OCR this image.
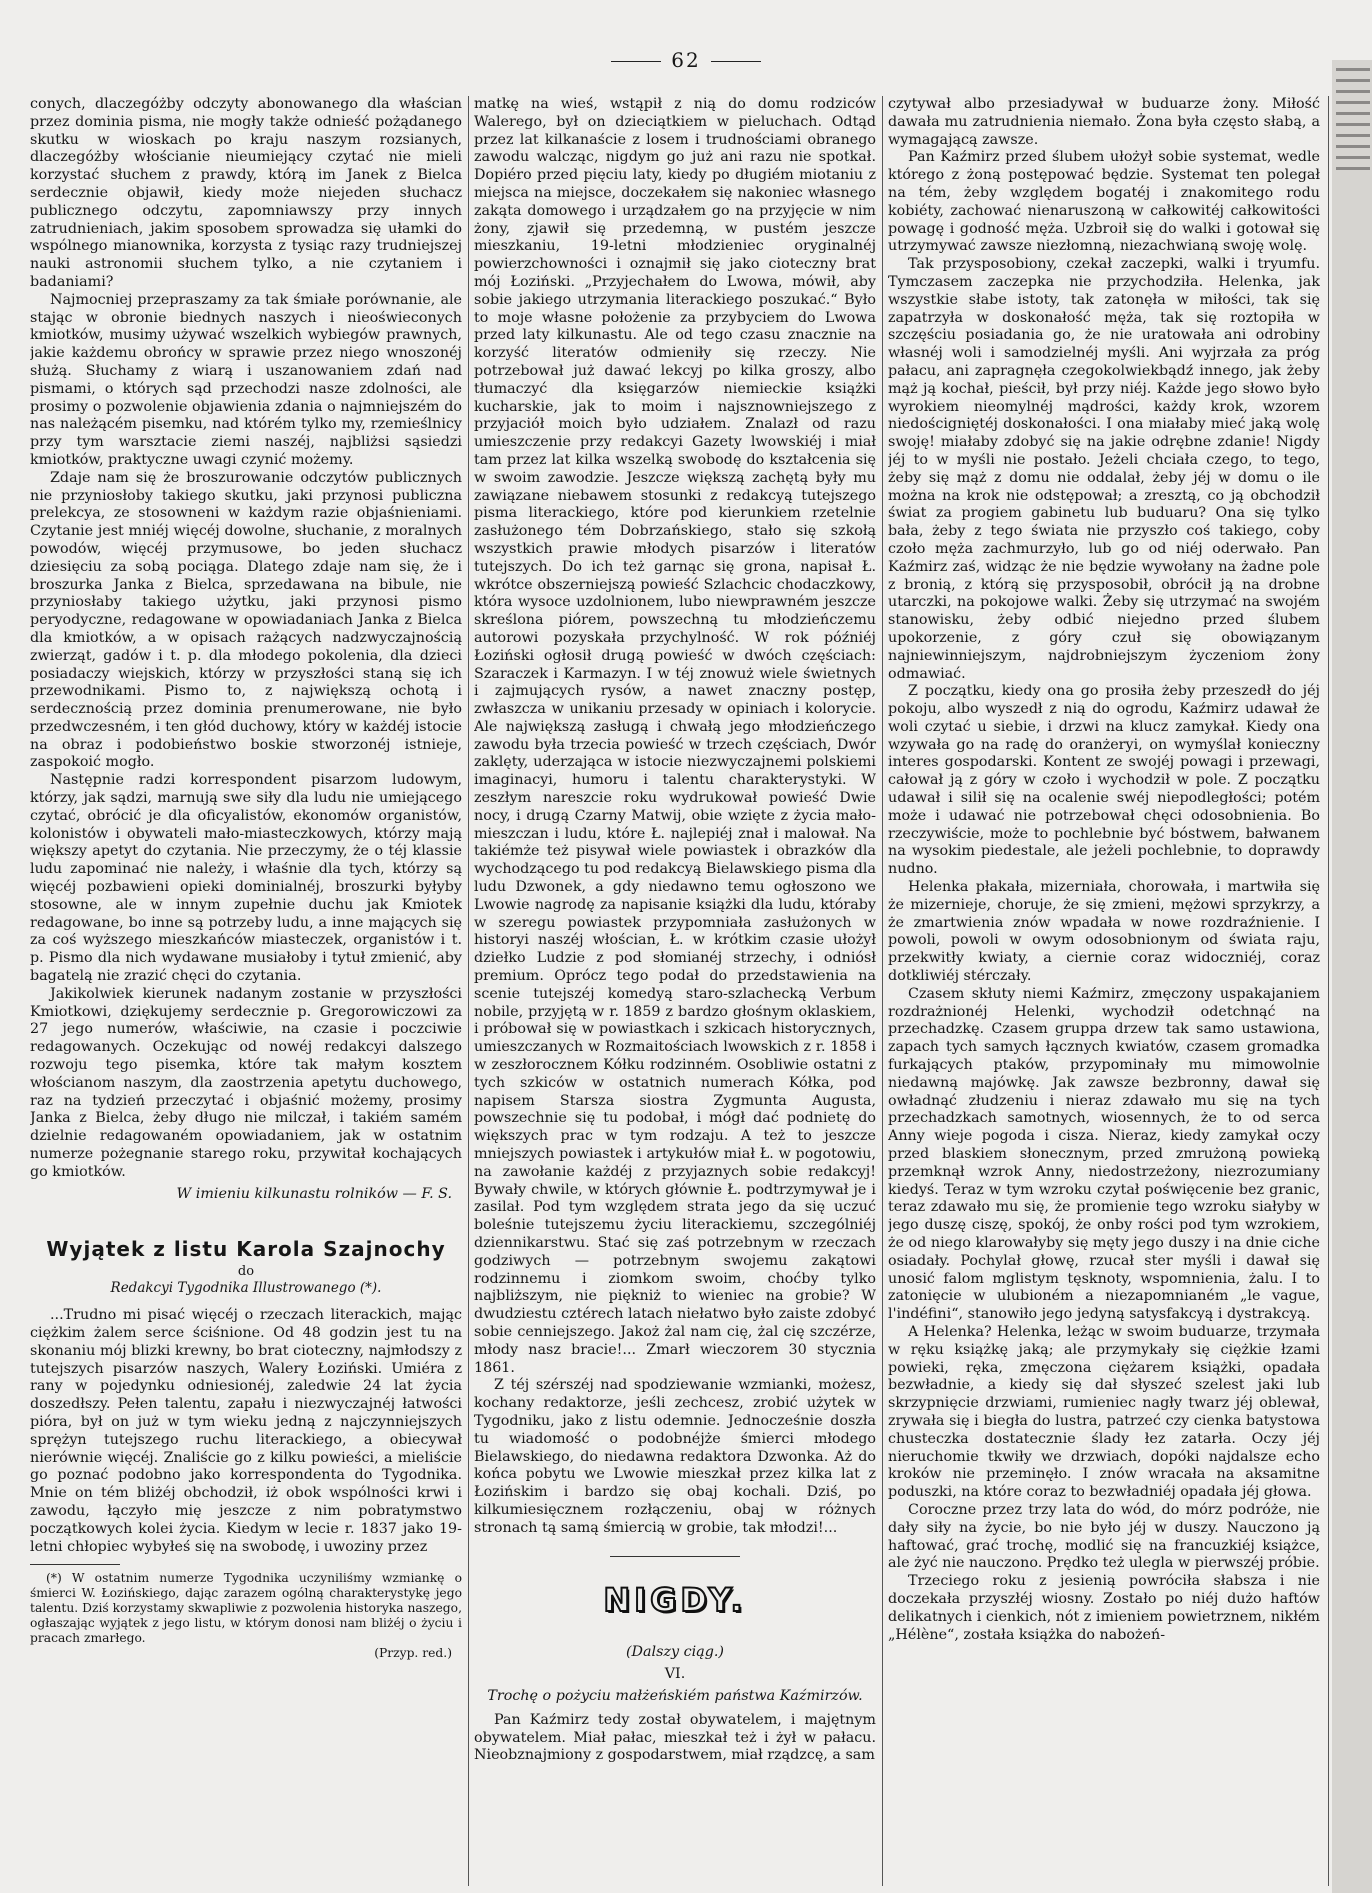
62

conych, dlaczegóżby odczyty abonowanego dla właścian przez dominia pisma, nie mogły także odnieść pożądanego skutku w wioskach po kraju naszym rozsianych, dlaczegóżby włościanie nieumiejący czytać nie mieli korzystać słuchem z prawdy, którą im Janek z Bielca serdecznie objawił, kiedy może niejeden słuchacz publicznego odczytu, zapomniawszy przy innych zatrudnieniach, jakim sposobem sprowadza się ułamki do wspólnego mianownika, korzysta z tysiąc razy trudniejszej nauki astronomii słuchem tylko, a nie czytaniem i badaniami?

Najmocniej przepraszamy za tak śmiałe porównanie, ale stając w obronie biednych naszych i nieoświeconych kmiotków, musimy używać wszelkich wybiegów prawnych, jakie każdemu obrońcy w sprawie przez niego wnoszonéj służą. Słuchamy z wiarą i uszanowaniem zdań nad pismami, o których sąd przechodzi nasze zdolności, ale prosimy o pozwolenie objawienia zdania o najmniejszém do nas należącém pisemku, nad którém tylko my, rzemieślnicy przy tym warsztacie ziemi naszéj, najbliżsi sąsiedzi kmiotków, praktyczne uwagi czynić możemy.

Zdaje nam się że broszurowanie odczytów publicznych nie przyniosłoby takiego skutku, jaki przynosi publiczna prelekcya, ze stosowneni w każdym razie objaśnieniami. Czytanie jest mniéj więcéj dowolne, słuchanie, z moralnych powodów, więcéj przymusowe, bo jeden słuchacz dziesięciu za sobą pociąga. Dlatego zdaje nam się, że i broszurka Janka z Bielca, sprzedawana na bibule, nie przyniosłaby takiego użytku, jaki przynosi pismo peryodyczne, redagowane w opowiadaniach Janka z Bielca dla kmiotków, a w opisach rażących nadzwyczajnością zwierząt, gadów i t. p. dla młodego pokolenia, dla dzieci posiadaczy wiejskich, którzy w przyszłości staną się ich przewodnikami. Pismo to, z największą ochotą i serdecznością przez dominia prenumerowane, nie było przedwczesném, i ten głód duchowy, który w każdéj istocie na obraz i podobieństwo boskie stworzonéj istnieje, zaspokoić mogło.

Następnie radzi korrespondent pisarzom ludowym, którzy, jak sądzi, marnują swe siły dla ludu nie umiejącego czytać, obrócić je dla oficyalistów, ekonomów organistów, kolonistów i obywateli mało-miasteczkowych, którzy mają większy apetyt do czytania. Nie przeczymy, że o téj klassie ludu zapominać nie należy, i właśnie dla tych, którzy są więcéj pozbawieni opieki dominialnéj, broszurki byłyby stosowne, ale w innym zupełnie duchu jak Kmiotek redagowane, bo inne są potrzeby ludu, a inne mających się za coś wyższego mieszkańców miasteczek, organistów i t. p. Pismo dla nich wydawane musiałoby i tytuł zmienić, aby bagatelą nie zrazić chęci do czytania.

Jakikolwiek kierunek nadanym zostanie w przyszłości Kmiotkowi, dziękujemy serdecznie p. Gregorowiczowi za 27 jego numerów, właściwie, na czasie i poczciwie redagowanych. Oczekując od nowéj redakcyi dalszego rozwoju tego pisemka, które tak małym kosztem włościanom naszym, dla zaostrzenia apetytu duchowego, raz na tydzień przeczytać i objaśnić możemy, prosimy Janka z Bielca, żeby długo nie milczał, i takiém samém dzielnie redagowaném opowiadaniem, jak w ostatnim numerze pożegnanie starego roku, przywitał kochających go kmiotków.

W imieniu kilkunastu rolników — F. S.
Wyjątek z listu Karola Szajnochy
do
Redakcyi Tygodnika Illustrowanego (*).

...Trudno mi pisać więcéj o rzeczach literackich, mając ciężkim żalem serce ściśnione. Od 48 godzin jest tu na skonaniu mój blizki krewny, bo brat cioteczny, najmłodszy z tutejszych pisarzów naszych, Walery Łoziński. Umiéra z rany w pojedynku odniesionéj, zaledwie 24 lat życia doszedłszy. Pełen talentu, zapału i niezwyczajnéj łatwości pióra, był on już w tym wieku jedną z najczynniejszych sprężyn tutejszego ruchu literackiego, a obiecywał nierównie więcéj. Znaliście go z kilku powieści, a mieliście go poznać podobno jako korrespondenta do Tygodnika. Mnie on tém bliżéj obchodził, iż obok wspólności krwi i zawodu, łączyło mię jeszcze z nim pobratymstwo początkowych kolei życia. Kiedym w lecie r. 1837 jako 19-letni chłopiec wybyłeś się na swobodę, i uwoziny przez

(*) W ostatnim numerze Tygodnika uczyniliśmy wzmiankę o śmierci W. Łozińskiego, dając zarazem ogólną charakterystykę jego talentu. Dziś korzystamy skwapliwie z pozwolenia historyka naszego, ogłaszając wyjątek z jego listu, w którym donosi nam bliżéj o życiu i pracach zmarłego.

(Przyp. red.)

matkę na wieś, wstąpił z nią do domu rodziców Walerego, był on dzieciątkiem w pieluchach. Odtąd przez lat kilkanaście z losem i trudnościami obranego zawodu walcząc, nigdym go już ani razu nie spotkał. Dopiéro przed pięciu laty, kiedy po długiém miotaniu z miejsca na miejsce, doczekałem się nakoniec własnego zakąta domowego i urządzałem go na przyjęcie w nim żony, zjawił się przedemną, w pustém jeszcze mieszkaniu, 19-letni młodzieniec oryginalnéj powierzchowności i oznajmił się jako cioteczny brat mój Łoziński. „Przyjechałem do Lwowa, mówił, aby sobie jakiego utrzymania literackiego poszukać.“ Było to moje własne położenie za przybyciem do Lwowa przed laty kilkunastu. Ale od tego czasu znacznie na korzyść literatów odmieniły się rzeczy. Nie potrzebował już dawać lekcyj po kilka groszy, albo tłumaczyć dla księgarzów niemieckie książki kucharskie, jak to moim i najsznowniejszego z przyjaciół moich było udziałem. Znalazł od razu umieszczenie przy redakcyi Gazety lwowskiéj i miał tam przez lat kilka wszelką swobodę do kształcenia się w swoim zawodzie. Jeszcze większą zachętą były mu zawiązane niebawem stosunki z redakcyą tutejszego pisma literackiego, które pod kierunkiem rzetelnie zasłużonego tém Dobrzańskiego, stało się szkołą wszystkich prawie młodych pisarzów i literatów tutejszych. Do ich też garnąc się grona, napisał Ł. wkrótce obszerniejszą powieść Szlachcic chodaczkowy, która wysoce uzdolnionem, lubo niewprawném jeszcze skreślona piórem, powszechną tu młodzieńczemu autorowi pozyskała przychylność. W rok późniéj Łoziński ogłosił drugą powieść w dwóch częściach: Szaraczek i Karmazyn. I w téj znowuż wiele świetnych i zajmujących rysów, a nawet znaczny postęp, zwłaszcza w unikaniu przesady w opiniach i kolorycie. Ale największą zasługą i chwałą jego młodzieńczego zawodu była trzecia powieść w trzech częściach, Dwór zaklęty, uderzająca w istocie niezwyczajnemi polskiemi imaginacyi, humoru i talentu charakterystyki. W zeszłym nareszcie roku wydrukował powieść Dwie nocy, i drugą Czarny Matwij, obie wzięte z życia mało-mieszczan i ludu, które Ł. najlepiéj znał i malował. Na takiémże też pisywał wiele powiastek i obrazków dla wychodzącego tu pod redakcyą Bielawskiego pisma dla ludu Dzwonek, a gdy niedawno temu ogłoszono we Lwowie nagrodę za napisanie książki dla ludu, któraby w szeregu powiastek przypomniała zasłużonych w historyi naszéj włościan, Ł. w krótkim czasie ułożył dziełko Ludzie z pod słomianéj strzechy, i odniósł premium. Oprócz tego podał do przedstawienia na scenie tutejszéj komedyą staro-szlachecką Verbum nobile, przyjętą w r. 1859 z bardzo głośnym oklaskiem, i próbował się w powiastkach i szkicach historycznych, umieszczanych w Rozmaitościach lwowskich z r. 1858 i w zeszłorocznem Kółku rodzinném. Osobliwie ostatni z tych szkiców w ostatnich numerach Kółka, pod napisem Starsza siostra Zygmunta Augusta, powszechnie się tu podobał, i mógł dać podnietę do większych prac w tym rodzaju. A też to jeszcze mniejszych powiastek i artykułów miał Ł. w pogotowiu, na zawołanie każdéj z przyjaznych sobie redakcyj! Bywały chwile, w których głównie Ł. podtrzymywał je i zasilał. Pod tym względem strata jego da się uczuć boleśnie tutejszemu życiu literackiemu, szczególniéj dziennikarstwu. Stać się zaś potrzebnym w rzeczach godziwych — potrzebnym swojemu zakątowi rodzinnemu i ziomkom swoim, choćby tylko najbliższym, nie piękniż to wieniec na grobie? W dwudziestu cztérech latach niełatwo było zaiste zdobyć sobie cenniejszego. Jakoż żal nam cię, żal cię szczérze, młody nasz bracie!... Zmarł wieczorem 30 stycznia 1861.

Z téj szérszéj nad spodziewanie wzmianki, możesz, kochany redaktorze, jeśli zechcesz, zrobić użytek w Tygodniku, jako z listu odemnie. Jednocześnie doszła tu wiadomość o podobnéjże śmierci młodego Bielawskiego, do niedawna redaktora Dzwonka. Aż do końca pobytu we Lwowie mieszkał przez kilka lat z Łozińskim i bardzo się obaj kochali. Dziś, po kilkumiesięcznem rozłączeniu, obaj w różnych stronach tą samą śmiercią w grobie, tak młodzi!...

NIGDY.
(Dalszy ciąg.)
VI.
Trochę o pożyciu małżeńskiém państwa Kaźmirzów.

Pan Kaźmirz tedy został obywatelem, i majętnym obywatelem. Miał pałac, mieszkał też i żył w pałacu. Nieobznajmiony z gospodarstwem, miał rządzcę, a sam

czytywał albo przesiadywał w buduarze żony. Miłość dawała mu zatrudnienia niemało. Żona była często słabą, a wymagającą zawsze.

Pan Kaźmirz przed ślubem ułożył sobie systemat, wedle którego z żoną postępować będzie. Systemat ten polegał na tém, żeby względem bogatéj i znakomitego rodu kobiéty, zachować nienaruszoną w całkowitéj całkowitości powagę i godność męża. Uzbroił się do walki i gotował się utrzymywać zawsze niezłomną, niezachwianą swoję wolę.

Tak przysposobiony, czekał zaczepki, walki i tryumfu. Tymczasem zaczepka nie przychodziła. Helenka, jak wszystkie słabe istoty, tak zatonęła w miłości, tak się zapatrzyła w doskonałość męża, tak się roztopiła w szczęściu posiadania go, że nie uratowała ani odrobiny własnéj woli i samodzielnéj myśli. Ani wyjrzała za próg pałacu, ani zapragnęła czegokolwiekbądź innego, jak żeby mąż ją kochał, pieścił, był przy niéj. Każde jego słowo było wyrokiem nieomylnéj mądrości, każdy krok, wzorem niedościgniętéj doskonałości. I ona miałaby mieć jaką wolę swoję! miałaby zdobyć się na jakie odrębne zdanie! Nigdy jéj to w myśli nie postało. Jeżeli chciała czego, to tego, żeby się mąż z domu nie oddalał, żeby jéj w domu o ile można na krok nie odstępował; a zresztą, co ją obchodził świat za progiem gabinetu lub buduaru? Ona się tylko bała, żeby z tego świata nie przyszło coś takiego, coby czoło męża zachmurzyło, lub go od niéj oderwało. Pan Kaźmirz zaś, widząc że nie będzie wywołany na żadne pole z bronią, z którą się przysposobił, obrócił ją na drobne utarczki, na pokojowe walki. Żeby się utrzymać na swojém stanowisku, żeby odbić niejedno przed ślubem upokorzenie, z góry czuł się obowiązanym najniewinniejszym, najdrobniejszym życzeniom żony odmawiać.

Z początku, kiedy ona go prosiła żeby przeszedł do jéj pokoju, albo wyszedł z nią do ogrodu, Kaźmirz udawał że woli czytać u siebie, i drzwi na klucz zamykał. Kiedy ona wzywała go na radę do oranżeryi, on wymyślał konieczny interes gospodarski. Kontent ze swojéj powagi i przewagi, całował ją z góry w czoło i wychodził w pole. Z początku udawał i silił się na ocalenie swéj niepodległości; potém może i udawać nie potrzebował chęci odosobnienia. Bo rzeczywiście, może to pochlebnie być bóstwem, bałwanem na wysokim piedestale, ale jeżeli pochlebnie, to doprawdy nudno.

Helenka płakała, mizerniała, chorowała, i martwiła się że mizernieje, choruje, że się zmieni, mężowi sprzykrzy, a że zmartwienia znów wpadała w nowe rozdraźnienie. I powoli, powoli w owym odosobnionym od świata raju, przekwitły kwiaty, a ciernie coraz widoczniéj, coraz dotkliwiéj stérczały.

Czasem skłuty niemi Kaźmirz, zmęczony uspakajaniem rozdrażnionéj Helenki, wychodził odetchnąć na przechadzkę. Czasem gruppa drzew tak samo ustawiona, zapach tych samych łącznych kwiatów, czasem gromadka furkających ptaków, przypominały mu mimowolnie niedawną majówkę. Jak zawsze bezbronny, dawał się owładnąć złudzeniu i nieraz zdawało mu się na tych przechadzkach samotnych, wiosennych, że to od serca Anny wieje pogoda i cisza. Nieraz, kiedy zamykał oczy przed blaskiem słonecznym, przed zmrużoną powieką przemknął wzrok Anny, niedostrzeżony, niezrozumiany kiedyś. Teraz w tym wzroku czytał poświęcenie bez granic, teraz zdawało mu się, że promienie tego wzroku siałyby w jego duszę ciszę, spokój, że onby rości pod tym wzrokiem, że od niego klarowałyby się męty jego duszy i na dnie ciche osiadały. Pochylał głowę, rzucał ster myśli i dawał się unosić falom mglistym tęsknoty, wspomnienia, żalu. I to zatonięcie w ulubioném a niezapomnianém „le vague, l'indéfini“, stanowiło jego jedyną satysfakcyą i dystrakcyą.

A Helenka? Helenka, leżąc w swoim buduarze, trzymała w ręku książkę jaką; ale przymykały się ciężkie łzami powieki, ręka, zmęczona ciężarem książki, opadała bezwładnie, a kiedy się dał słyszeć szelest jaki lub skrzypnięcie drzwiami, rumieniec nagły twarz jéj oblewał, zrywała się i biegła do lustra, patrzeć czy cienka batystowa chusteczka dostatecznie ślady łez zatarła. Oczy jéj nieruchomie tkwiły we drzwiach, dopóki najdalsze echo kroków nie przeminęło. I znów wracała na aksamitne poduszki, na które coraz to bezwładniéj opadała jéj głowa.

Coroczne przez trzy lata do wód, do mórz podróże, nie dały siły na życie, bo nie było jéj w duszy. Nauczono ją haftować, grać trochę, modlić się na francuzkiéj książce, ale żyć nie nauczono. Prędko też ulegla w pierwszéj próbie.

Trzeciego roku z jesienią powróciła słabsza i nie doczekała przyszłéj wiosny. Zostało po niéj dużo haftów delikatnych i cienkich, nót z imieniem powietrznem, nikłém „Hélène“, została książka do nabożeń-
